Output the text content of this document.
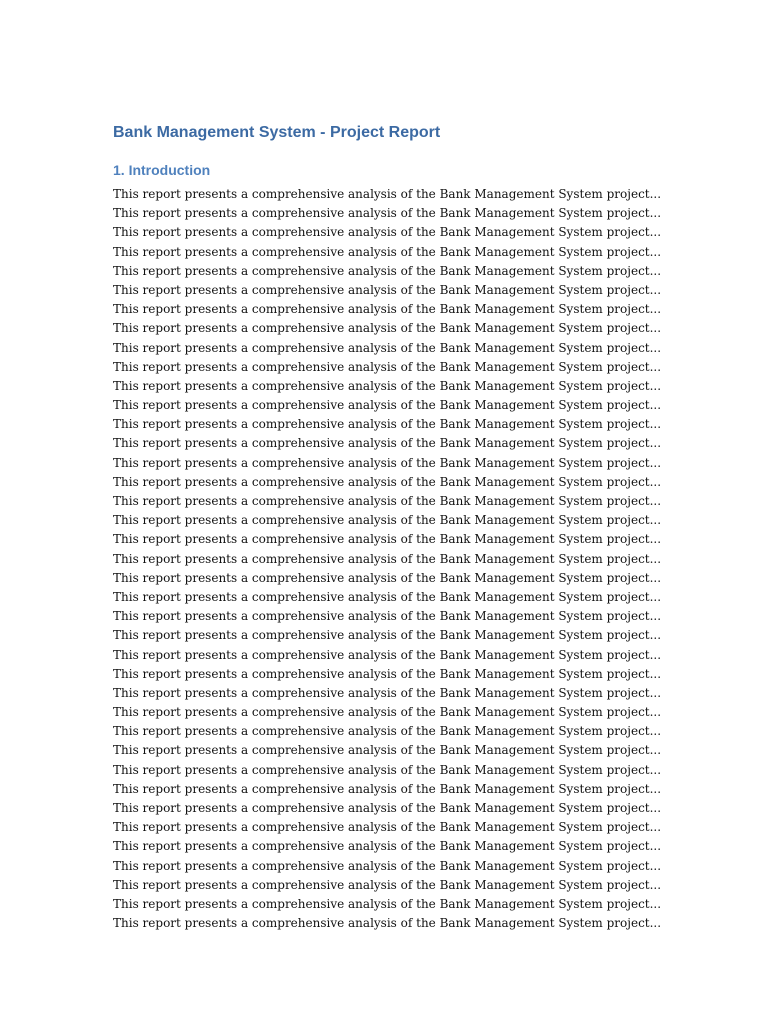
Bank Management System - Project Report
1. Introduction

This report presents a comprehensive analysis of the Bank Management System project...

This report presents a comprehensive analysis of the Bank Management System project...

This report presents a comprehensive analysis of the Bank Management System project...

This report presents a comprehensive analysis of the Bank Management System project...

This report presents a comprehensive analysis of the Bank Management System project...

This report presents a comprehensive analysis of the Bank Management System project...

This report presents a comprehensive analysis of the Bank Management System project...

This report presents a comprehensive analysis of the Bank Management System project...

This report presents a comprehensive analysis of the Bank Management System project...

This report presents a comprehensive analysis of the Bank Management System project...

This report presents a comprehensive analysis of the Bank Management System project...

This report presents a comprehensive analysis of the Bank Management System project...

This report presents a comprehensive analysis of the Bank Management System project...

This report presents a comprehensive analysis of the Bank Management System project...

This report presents a comprehensive analysis of the Bank Management System project...

This report presents a comprehensive analysis of the Bank Management System project...

This report presents a comprehensive analysis of the Bank Management System project...

This report presents a comprehensive analysis of the Bank Management System project...

This report presents a comprehensive analysis of the Bank Management System project...

This report presents a comprehensive analysis of the Bank Management System project...

This report presents a comprehensive analysis of the Bank Management System project...

This report presents a comprehensive analysis of the Bank Management System project...

This report presents a comprehensive analysis of the Bank Management System project...

This report presents a comprehensive analysis of the Bank Management System project...

This report presents a comprehensive analysis of the Bank Management System project...

This report presents a comprehensive analysis of the Bank Management System project...

This report presents a comprehensive analysis of the Bank Management System project...

This report presents a comprehensive analysis of the Bank Management System project...

This report presents a comprehensive analysis of the Bank Management System project...

This report presents a comprehensive analysis of the Bank Management System project...

This report presents a comprehensive analysis of the Bank Management System project...

This report presents a comprehensive analysis of the Bank Management System project...

This report presents a comprehensive analysis of the Bank Management System project...

This report presents a comprehensive analysis of the Bank Management System project...

This report presents a comprehensive analysis of the Bank Management System project...

This report presents a comprehensive analysis of the Bank Management System project...

This report presents a comprehensive analysis of the Bank Management System project...

This report presents a comprehensive analysis of the Bank Management System project...

This report presents a comprehensive analysis of the Bank Management System project...
